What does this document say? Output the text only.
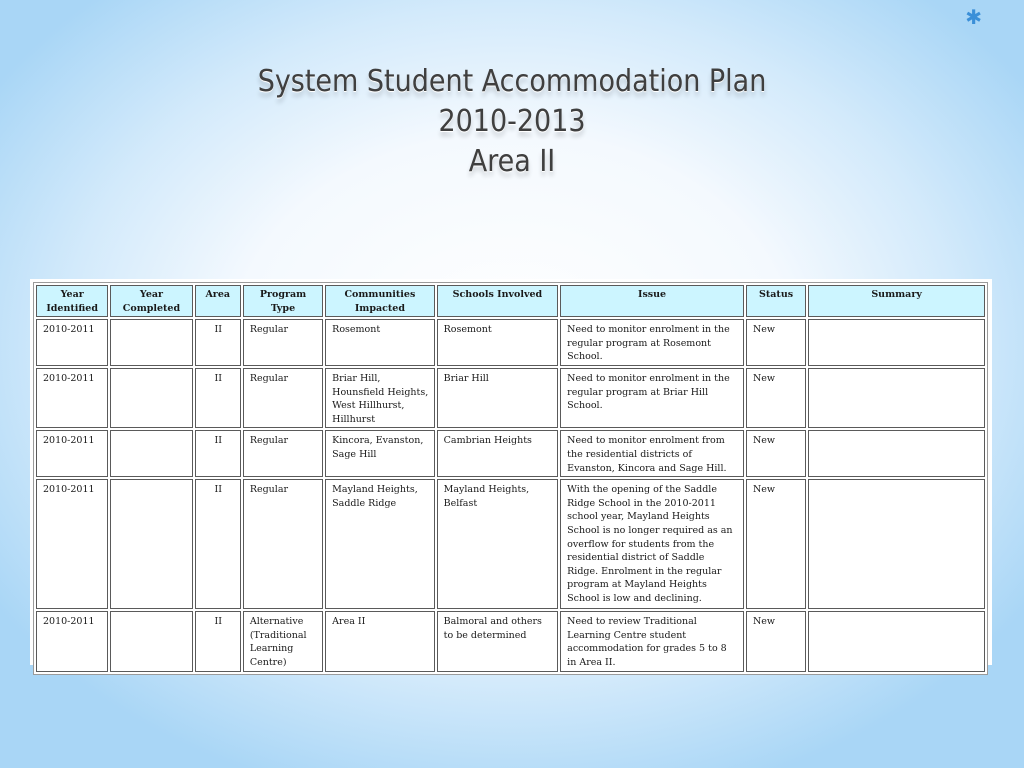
✱
System Student Accommodation Plan
2010-2013
Area II
Year Identified	Year Completed	Area	Program Type	Communities Impacted	Schools Involved	Issue	Status	Summary
2010-2011		II	Regular	Rosemont	Rosemont	Need to monitor enrolment in the regular program at Rosemont School.	New	
2010-2011		II	Regular	Briar Hill, Hounsfield Heights, West Hillhurst, Hillhurst	Briar Hill	Need to monitor enrolment in the regular program at Briar Hill School.	New	
2010-2011		II	Regular	Kincora, Evanston, Sage Hill	Cambrian Heights	Need to monitor enrolment from the residential districts of Evanston, Kincora and Sage Hill.	New	
2010-2011		II	Regular	Mayland Heights, Saddle Ridge	Mayland Heights, Belfast	With the opening of the Saddle Ridge School in the 2010-2011 school year, Mayland Heights School is no longer required as an overflow for students from the residential district of Saddle Ridge. Enrolment in the regular program at Mayland Heights School is low and declining.	New	
2010-2011		II	Alternative (Traditional Learning Centre)	Area II	Balmoral and others to be determined	Need to review Traditional Learning Centre student accommodation for grades 5 to 8 in Area II.	New	
